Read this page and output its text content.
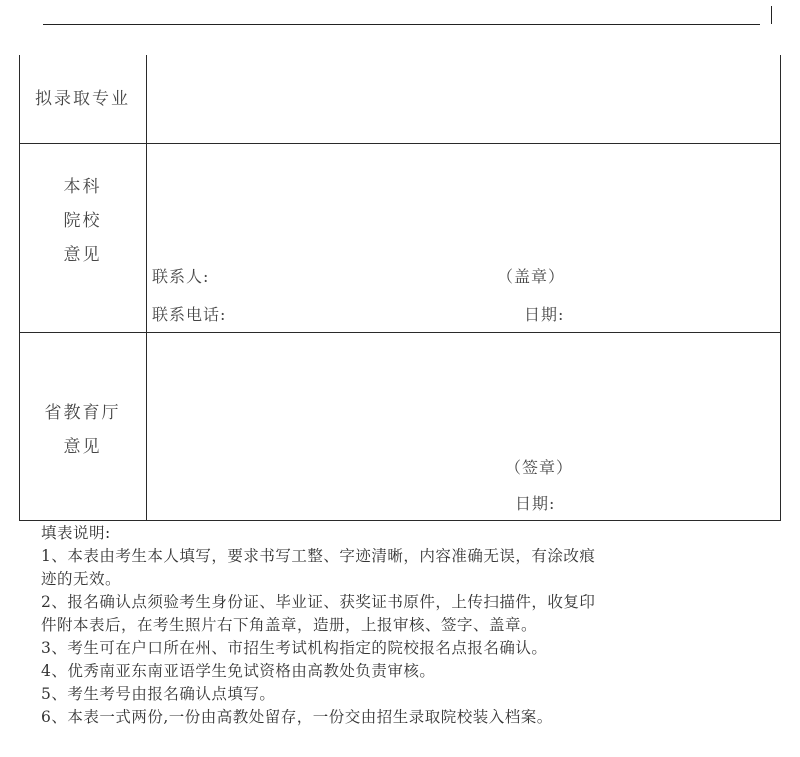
拟录取专业
本科
院校
意见
联系人:	（盖章）
联系电话:	日期:
省教育厅
意见
（签章）
日期:
填表说明:
1、本表由考生本人填写，要求书写工整、字迹清晰，内容准确无误，有涂改痕
迹的无效。
2、报名确认点须验考生身份证、毕业证、获奖证书原件，上传扫描件，收复印
件附本表后，在考生照片右下角盖章，造册，上报审核、签字、盖章。
3、考生可在户口所在州、市招生考试机构指定的院校报名点报名确认。
4、优秀南亚东南亚语学生免试资格由高教处负责审核。
5、考生考号由报名确认点填写。
6、本表一式两份,一份由高教处留存，一份交由招生录取院校装入档案。
